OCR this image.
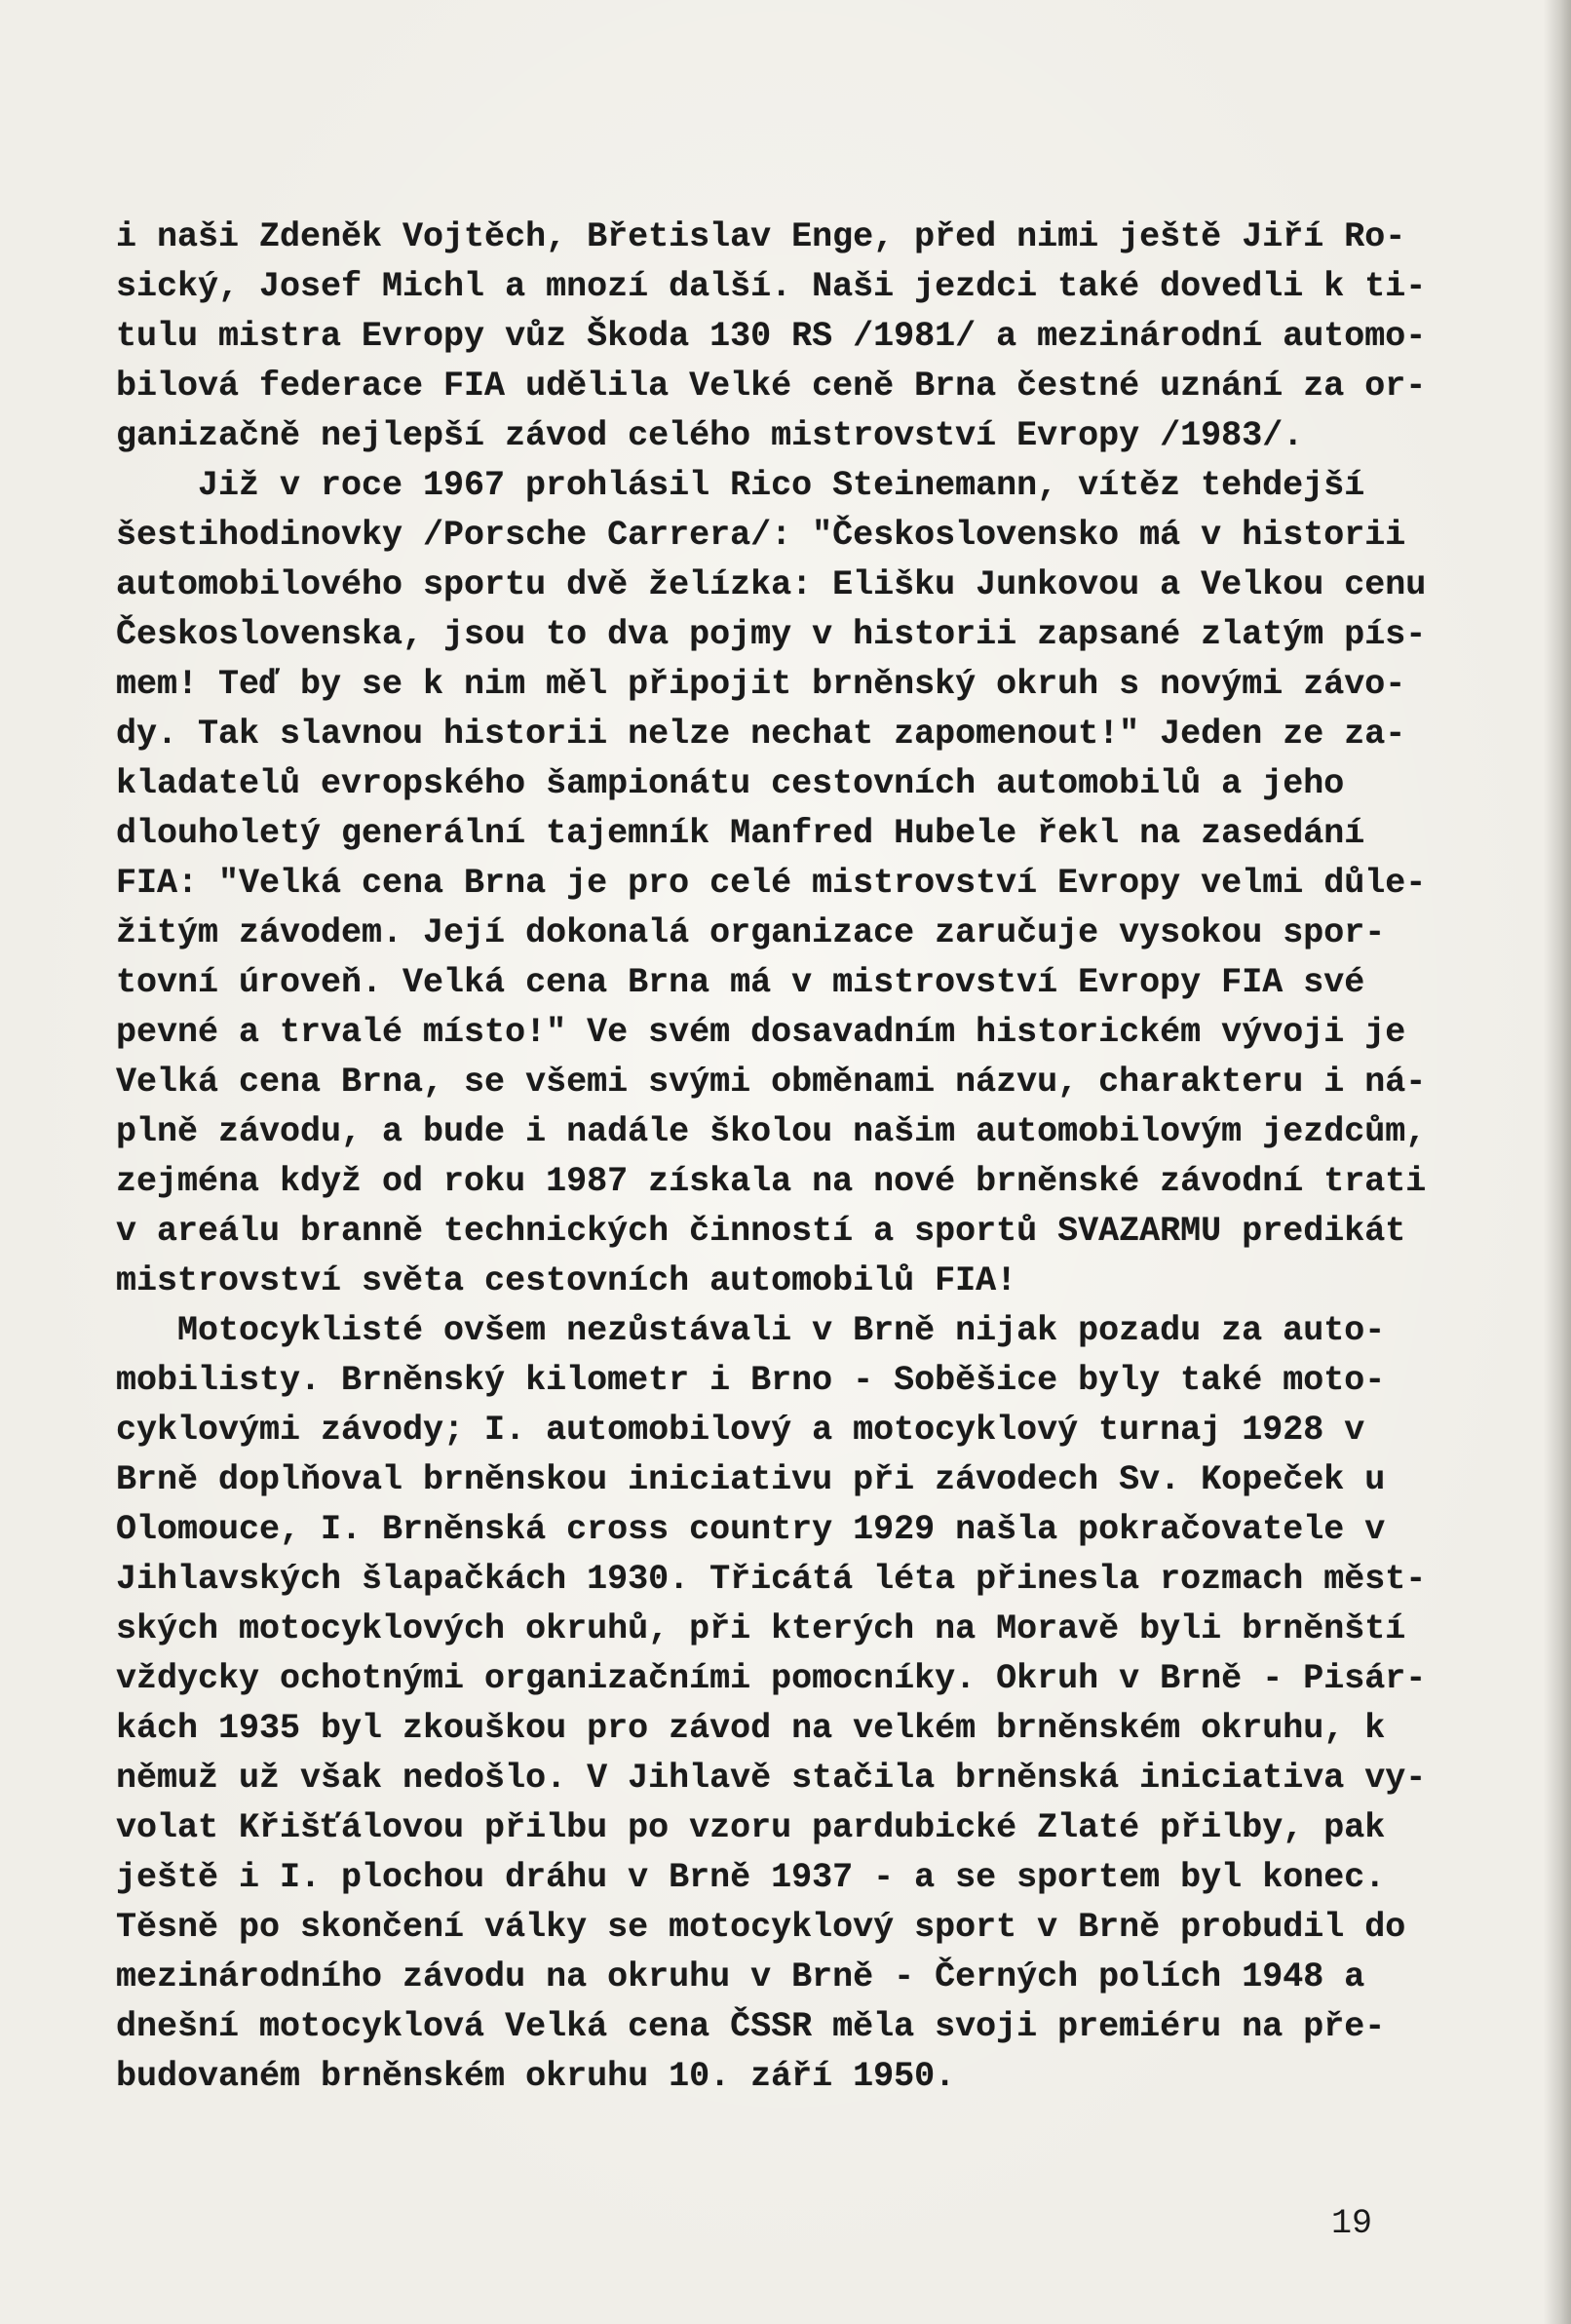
i naši Zdeněk Vojtěch, Břetislav Enge, před nimi ještě Jiří Ro-
sický, Josef Michl a mnozí další. Naši jezdci také dovedli k ti-
tulu mistra Evropy vůz Škoda 130 RS /1981/ a mezinárodní automo-
bilová federace FIA udělila Velké ceně Brna čestné uznání za or-
ganizačně nejlepší závod celého mistrovství Evropy /1983/.
Již v roce 1967 prohlásil Rico Steinemann, vítěz tehdejší
šestihodinovky /Porsche Carrera/: "Československo má v historii
automobilového sportu dvě želízka: Elišku Junkovou a Velkou cenu
Československa, jsou to dva pojmy v historii zapsané zlatým pís-
mem! Teď by se k nim měl připojit brněnský okruh s novými závo-
dy. Tak slavnou historii nelze nechat zapomenout!" Jeden ze za-
kladatelů evropského šampionátu cestovních automobilů a jeho
dlouholetý generální tajemník Manfred Hubele řekl na zasedání
FIA: "Velká cena Brna je pro celé mistrovství Evropy velmi důle-
žitým závodem. Její dokonalá organizace zaručuje vysokou spor-
tovní úroveň. Velká cena Brna má v mistrovství Evropy FIA své
pevné a trvalé místo!" Ve svém dosavadním historickém vývoji je
Velká cena Brna, se všemi svými obměnami názvu, charakteru i ná-
plně závodu, a bude i nadále školou našim automobilovým jezdcům,
zejména když od roku 1987 získala na nové brněnské závodní trati
v areálu branně technických činností a sportů SVAZARMU predikát
mistrovství světa cestovních automobilů FIA!
Motocyklisté ovšem nezůstávali v Brně nijak pozadu za auto-
mobilisty. Brněnský kilometr i Brno - Soběšice byly také moto-
cyklovými závody; I. automobilový a motocyklový turnaj 1928 v
Brně doplňoval brněnskou iniciativu při závodech Sv. Kopeček u
Olomouce, I. Brněnská cross country 1929 našla pokračovatele v
Jihlavských šlapačkách 1930. Třicátá léta přinesla rozmach měst-
ských motocyklových okruhů, při kterých na Moravě byli brněnští
vždycky ochotnými organizačními pomocníky. Okruh v Brně - Pisár-
kách 1935 byl zkouškou pro závod na velkém brněnském okruhu, k
němuž už však nedošlo. V Jihlavě stačila brněnská iniciativa vy-
volat Křišťálovou přilbu po vzoru pardubické Zlaté přilby, pak
ještě i I. plochou dráhu v Brně 1937 - a se sportem byl konec.
Těsně po skončení války se motocyklový sport v Brně probudil do
mezinárodního závodu na okruhu v Brně - Černých polích 1948 a
dnešní motocyklová Velká cena ČSSR měla svoji premiéru na pře-
budovaném brněnském okruhu 10. září 1950.
19
